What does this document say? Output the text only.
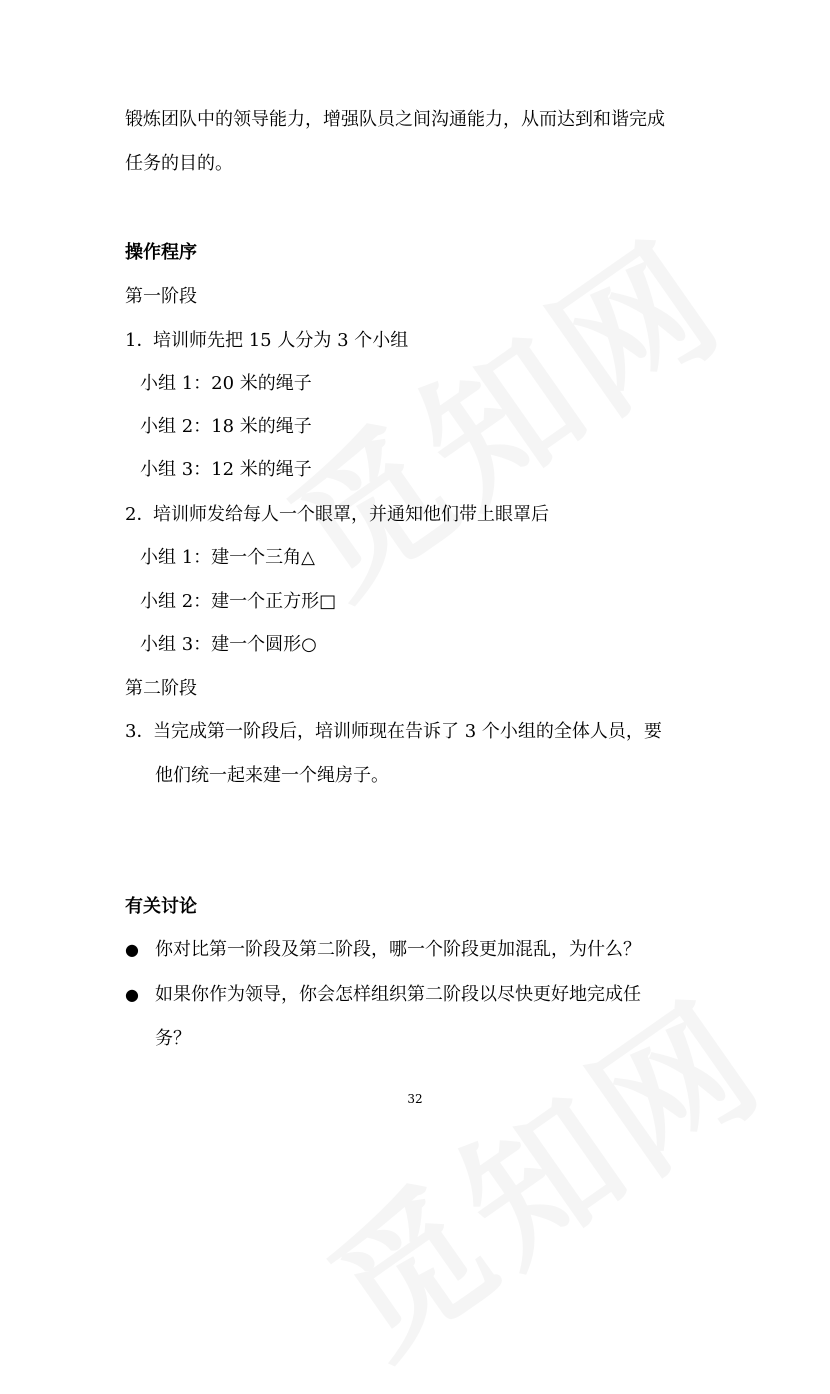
锻炼团队中的领导能力，增强队员之间沟通能力，从而达到和谐完成
任务的目的。
操作程序
第一阶段
1．培训师先把 15 人分为 3 个小组
小组 1：20 米的绳子
小组 2：18 米的绳子
小组 3：12 米的绳子
2．培训师发给每人一个眼罩，并通知他们带上眼罩后
小组 1：建一个三角△
小组 2：建一个正方形□
小组 3：建一个圆形○
第二阶段
3．当完成第一阶段后，培训师现在告诉了 3 个小组的全体人员，要
他们统一起来建一个绳房子。
有关讨论
● 你对比第一阶段及第二阶段，哪一个阶段更加混乱，为什么？
● 如果你作为领导，你会怎样组织第二阶段以尽快更好地完成任
务？
32
